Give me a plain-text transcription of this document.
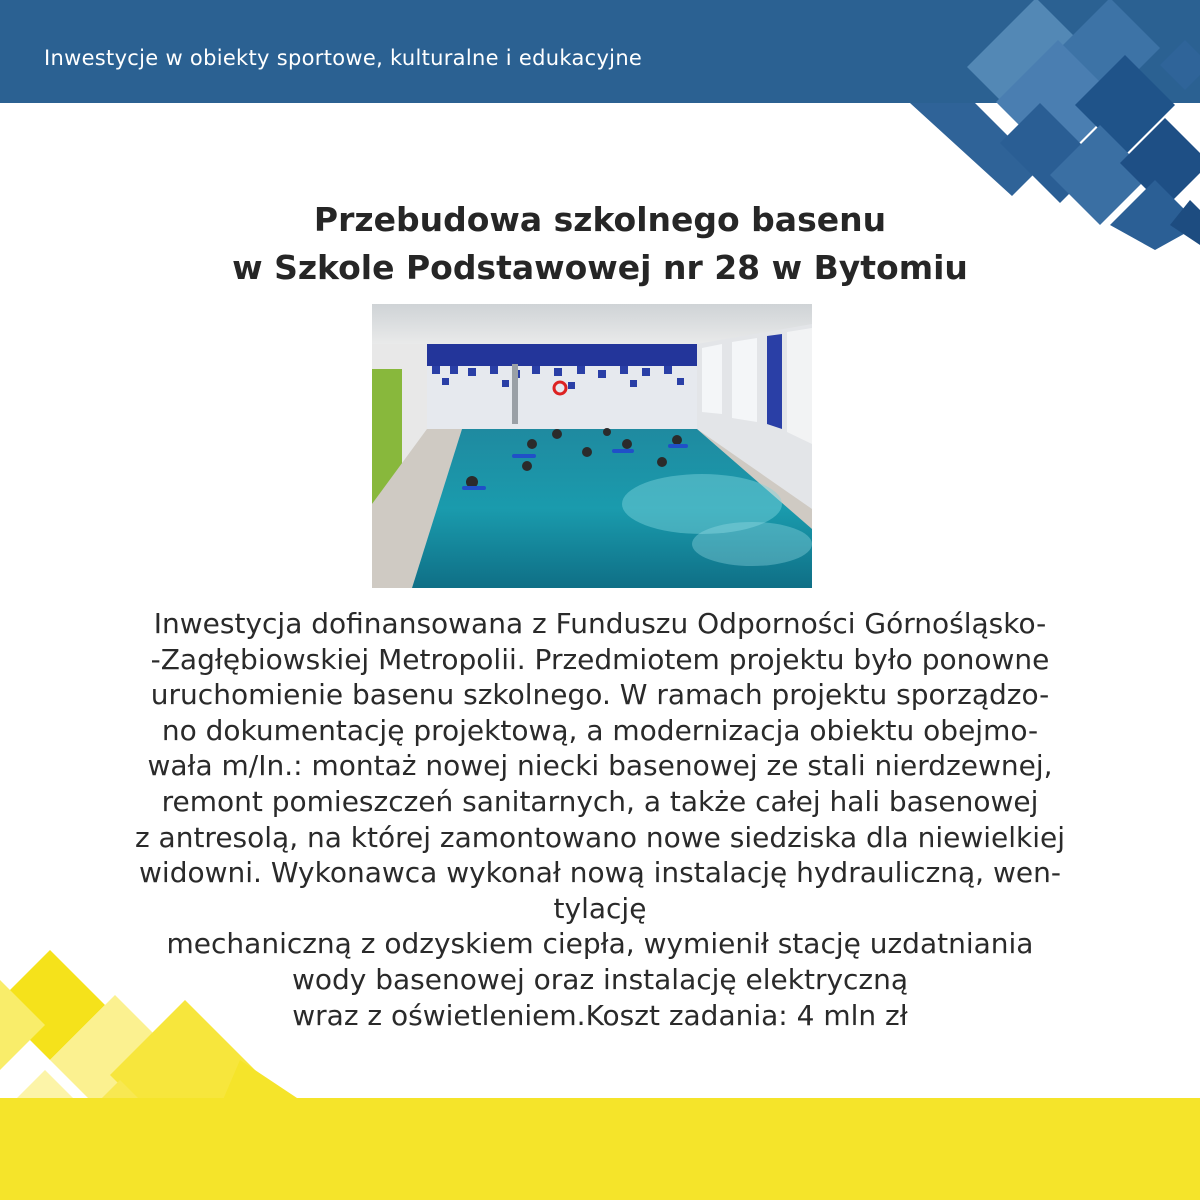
Inwestycje w obiekty sportowe, kulturalne i edukacyjne
Przebudowa szkolnego basenu
w Szkole Podstawowej nr 28 w Bytomiu
Inwestycja dofinansowana z Funduszu Odporności Górnośląsko-
-Zagłębiowskiej Metropolii. Przedmiotem projektu było ponowne
uruchomienie basenu szkolnego. W ramach projektu sporządzo-
no dokumentację projektową, a modernizacja obiektu obejmo-
wała m/In.: montaż nowej niecki basenowej ze stali nierdzewnej,
remont pomieszczeń sanitarnych, a także całej hali basenowej
z antresolą, na której zamontowano nowe siedziska dla niewielkiej
widowni. Wykonawca wykonał nową instalację hydrauliczną, wen-
tylację
mechaniczną z odzyskiem ciepła, wymienił stację uzdatniania
wody basenowej oraz instalację elektryczną
wraz z oświetleniem.Koszt zadania: 4 mln zł
